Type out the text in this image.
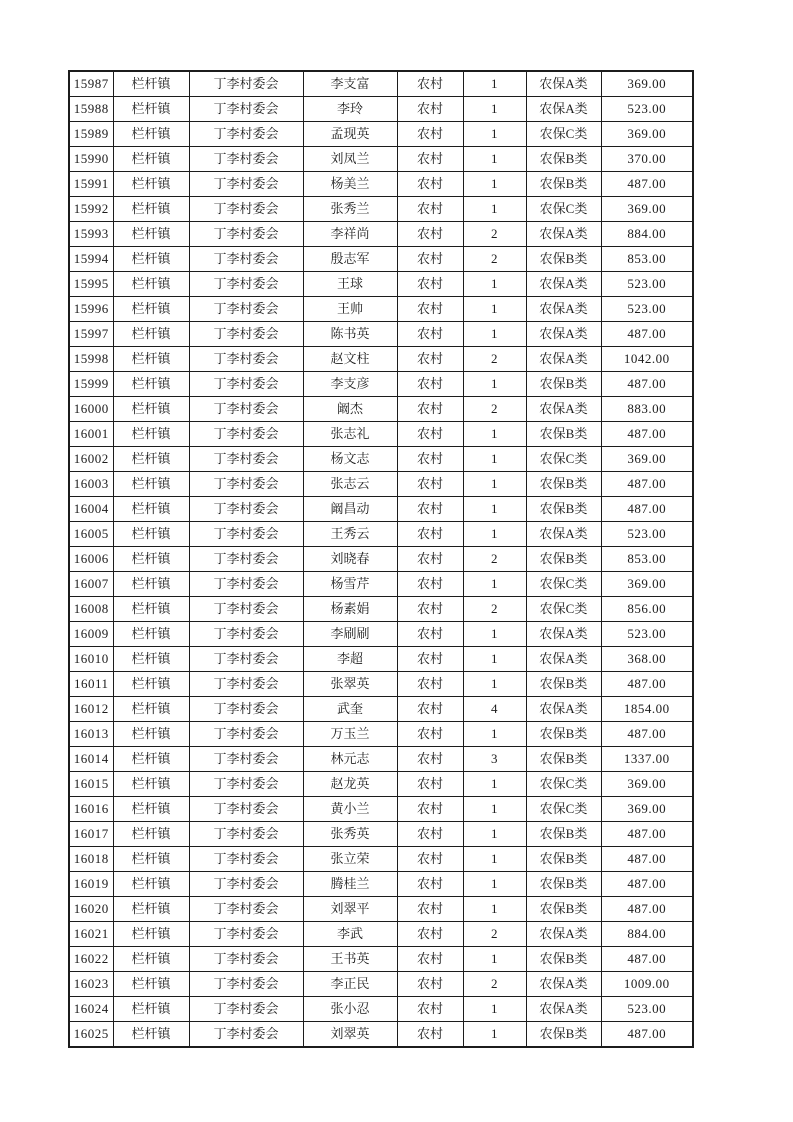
15987	栏杆镇	丁李村委会	李支富	农村	1	农保A类	369.00
15988	栏杆镇	丁李村委会	李玲	农村	1	农保A类	523.00
15989	栏杆镇	丁李村委会	孟现英	农村	1	农保C类	369.00
15990	栏杆镇	丁李村委会	刘凤兰	农村	1	农保B类	370.00
15991	栏杆镇	丁李村委会	杨美兰	农村	1	农保B类	487.00
15992	栏杆镇	丁李村委会	张秀兰	农村	1	农保C类	369.00
15993	栏杆镇	丁李村委会	李祥尚	农村	2	农保A类	884.00
15994	栏杆镇	丁李村委会	殷志军	农村	2	农保B类	853.00
15995	栏杆镇	丁李村委会	王球	农村	1	农保A类	523.00
15996	栏杆镇	丁李村委会	王帅	农村	1	农保A类	523.00
15997	栏杆镇	丁李村委会	陈书英	农村	1	农保A类	487.00
15998	栏杆镇	丁李村委会	赵文柱	农村	2	农保A类	1042.00
15999	栏杆镇	丁李村委会	李支彦	农村	1	农保B类	487.00
16000	栏杆镇	丁李村委会	阚杰	农村	2	农保A类	883.00
16001	栏杆镇	丁李村委会	张志礼	农村	1	农保B类	487.00
16002	栏杆镇	丁李村委会	杨文志	农村	1	农保C类	369.00
16003	栏杆镇	丁李村委会	张志云	农村	1	农保B类	487.00
16004	栏杆镇	丁李村委会	阚昌动	农村	1	农保B类	487.00
16005	栏杆镇	丁李村委会	王秀云	农村	1	农保A类	523.00
16006	栏杆镇	丁李村委会	刘晓春	农村	2	农保B类	853.00
16007	栏杆镇	丁李村委会	杨雪芹	农村	1	农保C类	369.00
16008	栏杆镇	丁李村委会	杨素娟	农村	2	农保C类	856.00
16009	栏杆镇	丁李村委会	李刷刷	农村	1	农保A类	523.00
16010	栏杆镇	丁李村委会	李超	农村	1	农保A类	368.00
16011	栏杆镇	丁李村委会	张翠英	农村	1	农保B类	487.00
16012	栏杆镇	丁李村委会	武奎	农村	4	农保A类	1854.00
16013	栏杆镇	丁李村委会	万玉兰	农村	1	农保B类	487.00
16014	栏杆镇	丁李村委会	林元志	农村	3	农保B类	1337.00
16015	栏杆镇	丁李村委会	赵龙英	农村	1	农保C类	369.00
16016	栏杆镇	丁李村委会	黄小兰	农村	1	农保C类	369.00
16017	栏杆镇	丁李村委会	张秀英	农村	1	农保B类	487.00
16018	栏杆镇	丁李村委会	张立荣	农村	1	农保B类	487.00
16019	栏杆镇	丁李村委会	腾桂兰	农村	1	农保B类	487.00
16020	栏杆镇	丁李村委会	刘翠平	农村	1	农保B类	487.00
16021	栏杆镇	丁李村委会	李武	农村	2	农保A类	884.00
16022	栏杆镇	丁李村委会	王书英	农村	1	农保B类	487.00
16023	栏杆镇	丁李村委会	李正民	农村	2	农保A类	1009.00
16024	栏杆镇	丁李村委会	张小忍	农村	1	农保A类	523.00
16025	栏杆镇	丁李村委会	刘翠英	农村	1	农保B类	487.00
